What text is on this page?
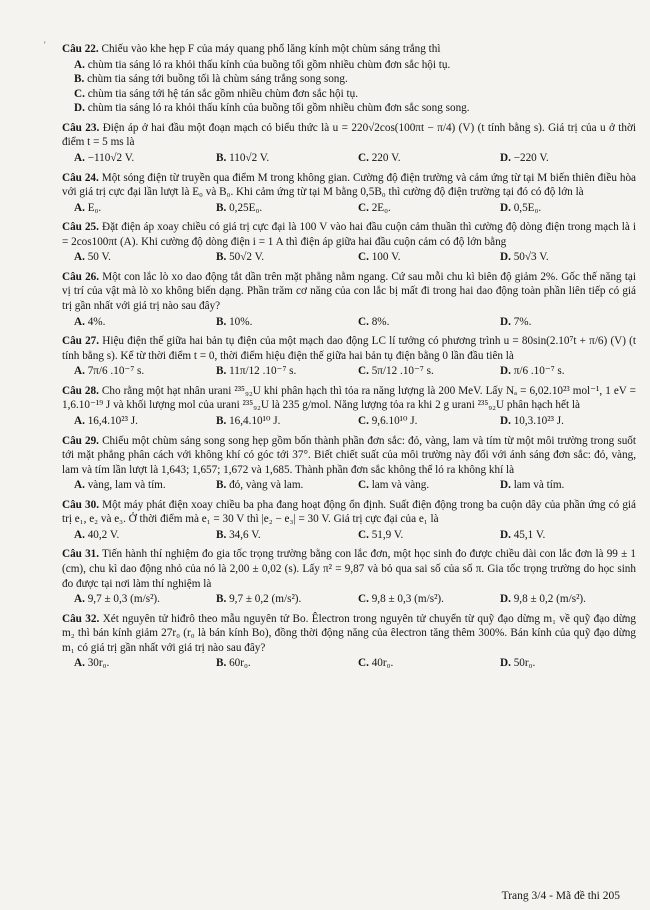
' Câu 22. Chiếu vào khe hẹp F của máy quang phổ lăng kính một chùm sáng trắng thì

A. chùm tia sáng ló ra khỏi thấu kính của buồng tối gồm nhiều chùm đơn sắc hội tụ.
B. chùm tia sáng tới buồng tối là chùm sáng trắng song song.
C. chùm tia sáng tới hệ tán sắc gồm nhiều chùm đơn sắc hội tụ.
D. chùm tia sáng ló ra khỏi thấu kính của buồng tối gồm nhiều chùm đơn sắc song song.

Câu 23. Điện áp ở hai đầu một đoạn mạch có biểu thức là u = 220√2cos(100πt − π/4) (V) (t tính bằng s). Giá trị của u ở thời điểm t = 5 ms là

A. −110√2 V.	B. 110√2 V.	C. 220 V.	D. −220 V.

Câu 24. Một sóng điện từ truyền qua điểm M trong không gian. Cường độ điện trường và cảm ứng từ tại M biến thiên điều hòa với giá trị cực đại lần lượt là E₀ và B₀. Khi cảm ứng từ tại M bằng 0,5B₀ thì cường độ điện trường tại đó có độ lớn là

A. E₀.	B. 0,25E₀.	C. 2E₀.	D. 0,5E₀.

Câu 25. Đặt điện áp xoay chiều có giá trị cực đại là 100 V vào hai đầu cuộn cảm thuần thì cường độ dòng điện trong mạch là i = 2cos100πt (A). Khi cường độ dòng điện i = 1 A thì điện áp giữa hai đầu cuộn cảm có độ lớn bằng

A. 50 V.	B. 50√2 V.	C. 100 V.	D. 50√3 V.

Câu 26. Một con lắc lò xo dao động tắt dần trên mặt phẳng nằm ngang. Cứ sau mỗi chu kì biên độ giảm 2%. Gốc thế năng tại vị trí của vật mà lò xo không biến dạng. Phần trăm cơ năng của con lắc bị mất đi trong hai dao động toàn phần liên tiếp có giá trị gần nhất với giá trị nào sau đây?

A. 4%.	B. 10%.	C. 8%.	D. 7%.

Câu 27. Hiệu điện thế giữa hai bản tụ điện của một mạch dao động LC lí tưởng có phương trình u = 80sin(2.10⁷t + π/6) (V) (t tính bằng s). Kể từ thời điểm t = 0, thời điểm hiệu điện thế giữa hai bản tụ điện bằng 0 lần đầu tiên là

A. 7π/6 .10⁻⁷ s.	B. 11π/12 .10⁻⁷ s.	C. 5π/12 .10⁻⁷ s.	D. π/6 .10⁻⁷ s.

Câu 28. Cho rằng một hạt nhân urani ²³⁵₉₂U khi phân hạch thì tỏa ra năng lượng là 200 MeV. Lấy Nₐ = 6,02.10²³ mol⁻¹, 1 eV = 1,6.10⁻¹⁹ J và khối lượng mol của urani ²³⁵₉₂U là 235 g/mol. Năng lượng tỏa ra khi 2 g urani ²³⁵₉₂U phân hạch hết là

A. 16,4.10²³ J.	B. 16,4.10¹⁰ J.	C. 9,6.10¹⁰ J.	D. 10,3.10²³ J.

Câu 29. Chiếu một chùm sáng song song hẹp gồm bốn thành phần đơn sắc: đỏ, vàng, lam và tím từ một môi trường trong suốt tới mặt phẳng phân cách với không khí có góc tới 37°. Biết chiết suất của môi trường này đối với ánh sáng đơn sắc: đỏ, vàng, lam và tím lần lượt là 1,643; 1,657; 1,672 và 1,685. Thành phần đơn sắc không thể ló ra không khí là

A. vàng, lam và tím.	B. đỏ, vàng và lam.	C. lam và vàng.	D. lam và tím.

Câu 30. Một máy phát điện xoay chiều ba pha đang hoạt động ổn định. Suất điện động trong ba cuộn dây của phần ứng có giá trị e₁, e₂ và e₃. Ở thời điểm mà e₁ = 30 V thì |e₂ − e₃| = 30 V. Giá trị cực đại của e₁ là

A. 40,2 V.	B. 34,6 V.	C. 51,9 V.	D. 45,1 V.

Câu 31. Tiến hành thí nghiệm đo gia tốc trọng trường bằng con lắc đơn, một học sinh đo được chiều dài con lắc đơn là 99 ± 1 (cm), chu kì dao động nhỏ của nó là 2,00 ± 0,02 (s). Lấy π² = 9,87 và bỏ qua sai số của số π. Gia tốc trọng trường do học sinh đo được tại nơi làm thí nghiệm là

A. 9,7 ± 0,3 (m/s²).	B. 9,7 ± 0,2 (m/s²).	C. 9,8 ± 0,3 (m/s²).	D. 9,8 ± 0,2 (m/s²).

Câu 32. Xét nguyên tử hiđrô theo mẫu nguyên tử Bo. Êlectron trong nguyên tử chuyển từ quỹ đạo dừng m₁ về quỹ đạo dừng m₂ thì bán kính giảm 27r₀ (r₀ là bán kính Bo), đồng thời động năng của êlectron tăng thêm 300%. Bán kính của quỹ đạo dừng m₁ có giá trị gần nhất với giá trị nào sau đây?

A. 30r₀.	B. 60r₀.	C. 40r₀.	D. 50r₀.
Trang 3/4 - Mã đề thi 205
